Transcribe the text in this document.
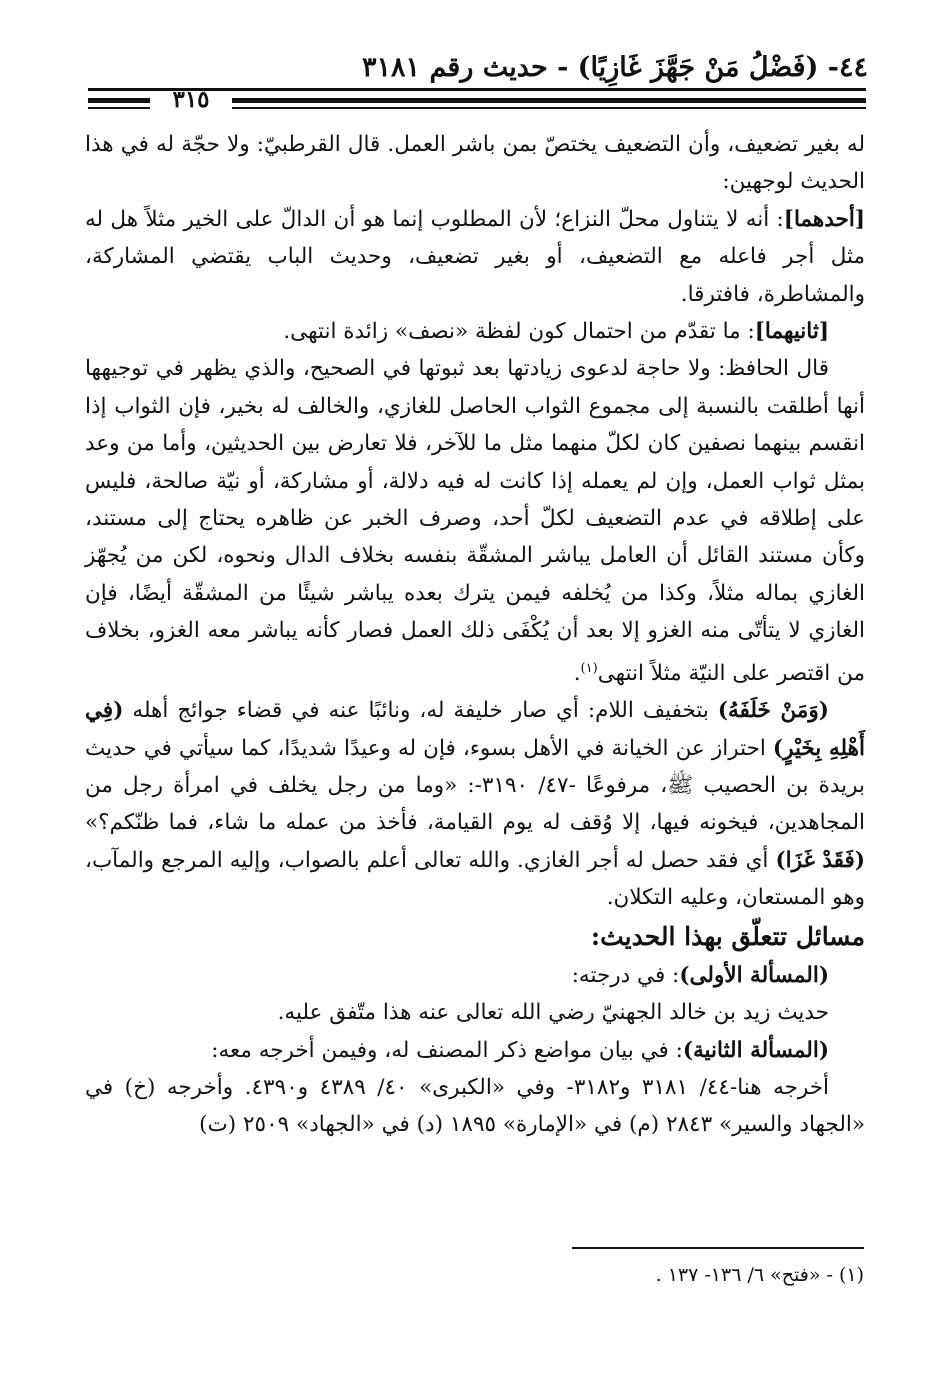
٤٤- (فَضْلُ مَنْ جَهَّزَ غَازِيًا) - حديث رقم ٣١٨١
٣١٥

له بغير تضعيف، وأن التضعيف يختصّ بمن باشر العمل. قال القرطبيّ: ولا حجّة له في هذا الحديث لوجهين:

[أحدهما]: أنه لا يتناول محلّ النزاع؛ لأن المطلوب إنما هو أن الدالّ على الخير مثلاً هل له مثل أجر فاعله مع التضعيف، أو بغير تضعيف، وحديث الباب يقتضي المشاركة، والمشاطرة، فافترقا.

[ثانيهما]: ما تقدّم من احتمال كون لفظة «نصف» زائدة انتهى.

قال الحافظ: ولا حاجة لدعوى زيادتها بعد ثبوتها في الصحيح، والذي يظهر في توجيهها أنها أطلقت بالنسبة إلى مجموع الثواب الحاصل للغازي، والخالف له بخير، فإن الثواب إذا انقسم بينهما نصفين كان لكلّ منهما مثل ما للآخر، فلا تعارض بين الحديثين، وأما من وعد بمثل ثواب العمل، وإن لم يعمله إذا كانت له فيه دلالة، أو مشاركة، أو نيّة صالحة، فليس على إطلاقه في عدم التضعيف لكلّ أحد، وصرف الخبر عن ظاهره يحتاج إلى مستند، وكأن مستند القائل أن العامل يباشر المشقّة بنفسه بخلاف الدال ونحوه، لكن من يُجهّز الغازي بماله مثلاً، وكذا من يُخلفه فيمن يترك بعده يباشر شيئًا من المشقّة أيضًا، فإن الغازي لا يتأتّى منه الغزو إلا بعد أن يُكْفَى ذلك العمل فصار كأنه يباشر معه الغزو، بخلاف من اقتصر على النيّة مثلاً انتهى$^{(١)}$.

(وَمَنْ خَلَفَهُ) بتخفيف اللام: أي صار خليفة له، ونائبًا عنه في قضاء جوائج أهله (فِي أَهْلِهِ بِخَيْرٍ) احتراز عن الخيانة في الأهل بسوء، فإن له وعيدًا شديدًا، كما سيأتي في حديث بريدة بن الحصيب ﷺ، مرفوعًا -٤٧/ ٣١٩٠-: «وما من رجل يخلف في امرأة رجل من المجاهدين، فيخونه فيها، إلا وُقف له يوم القيامة، فأخذ من عمله ما شاء، فما ظنّكم؟» (فَقَدْ غَزَا) أي فقد حصل له أجر الغازي. والله تعالى أعلم بالصواب، وإليه المرجع والمآب، وهو المستعان، وعليه التكلان.

مسائل تتعلّق بهذا الحديث:

(المسألة الأولى): في درجته:

حديث زيد بن خالد الجهنيّ رضي الله تعالى عنه هذا متّفق عليه.

(المسألة الثانية): في بيان مواضع ذكر المصنف له، وفيمن أخرجه معه:

أخرجه هنا-٤٤/ ٣١٨١ و٣١٨٢- وفي «الكبرى» ٤٠/ ٤٣٨٩ و٤٣٩٠. وأخرجه (خ) في «الجهاد والسير» ٢٨٤٣ (م) في «الإمارة» ١٨٩٥ (د) في «الجهاد» ٢٥٠٩ (ت)

(١) - «فتح» ٦/ ١٣٦- ١٣٧ .
